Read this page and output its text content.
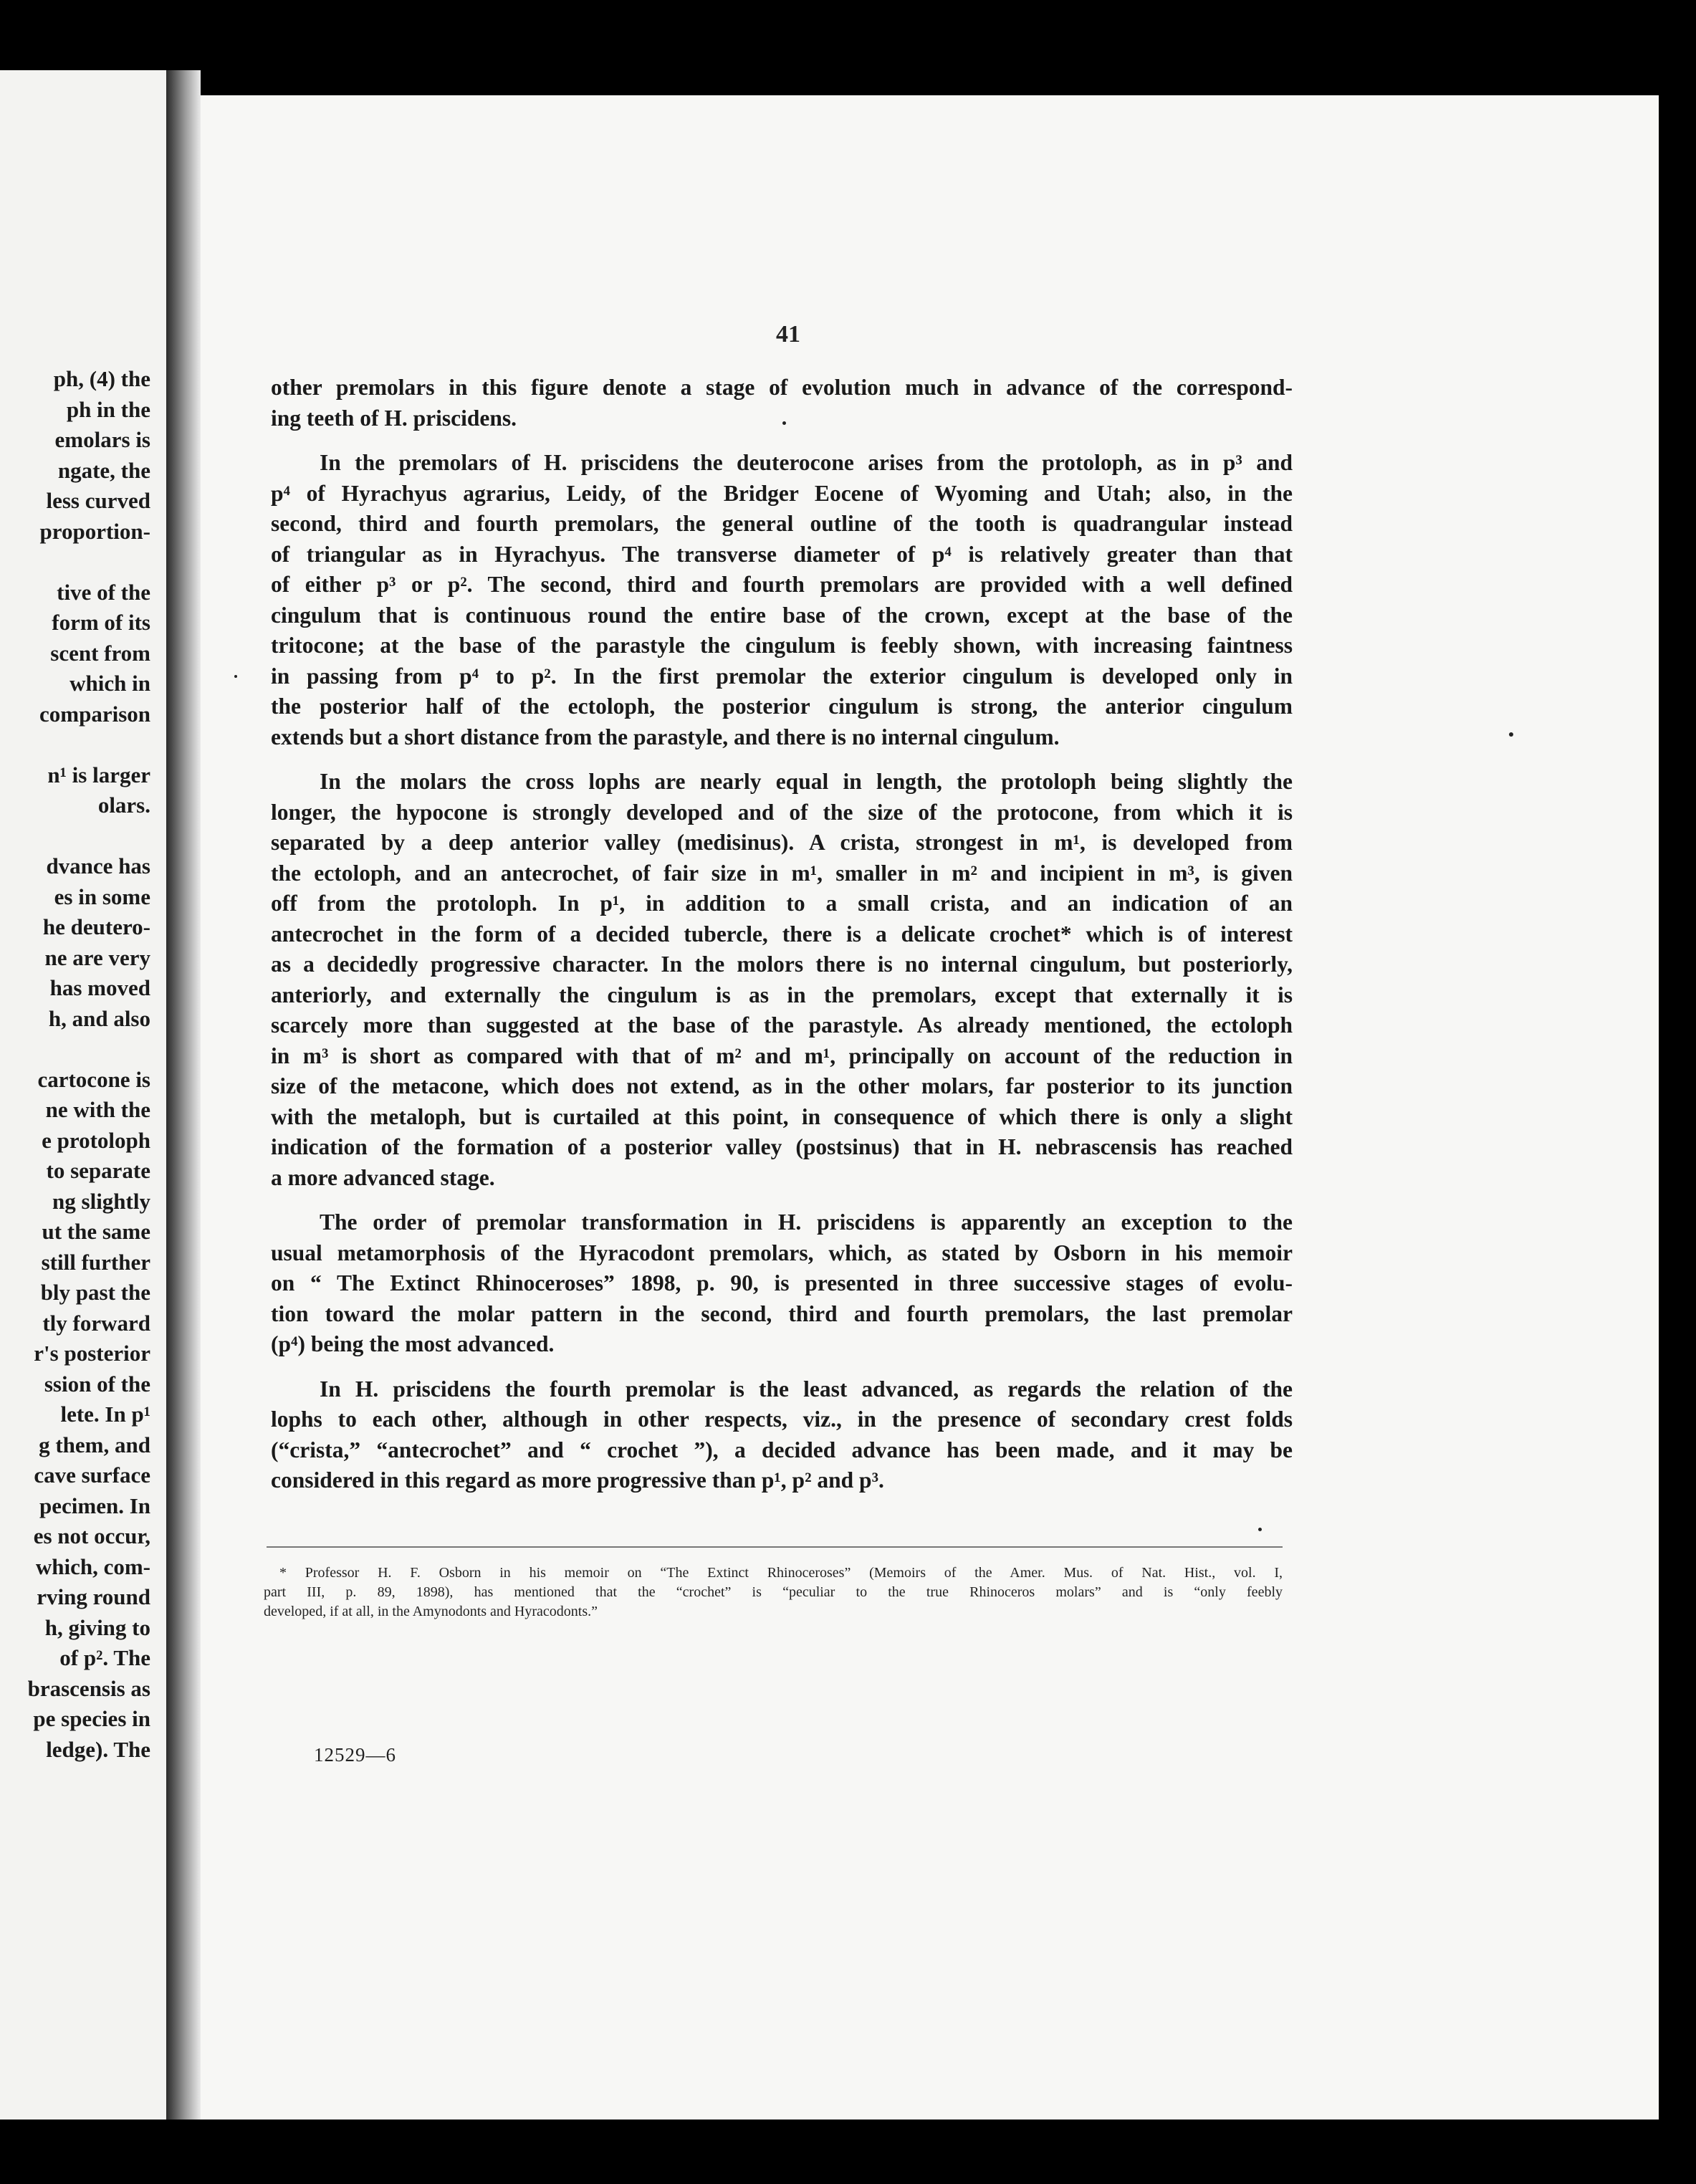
ph, (4) the
ph in the
emolars is
ngate, the
less curved
proportion-
tive of the
form of its
scent from
which in
comparison
n¹ is larger
olars.
dvance has
es in some
he deutero-
ne are very
has moved
h, and also
cartocone is
ne with the
e protoloph
to separate
ng slightly
ut the same
still further
bly past the
tly forward
r's posterior
ssion of the
lete. In p¹
g them, and
cave surface
pecimen. In
es not occur,
which, com-
rving round
h, giving to
of p². The
brascensis as
pe species in
ledge). The
41
other premolars in this figure denote a stage of evolution much in advance of the correspond-
ing teeth of H. priscidens.
In the premolars of H. priscidens the deuterocone arises from the protoloph, as in p³ and
p⁴ of Hyrachyus agrarius, Leidy, of the Bridger Eocene of Wyoming and Utah; also, in the
second, third and fourth premolars, the general outline of the tooth is quadrangular instead
of triangular as in Hyrachyus. The transverse diameter of p⁴ is relatively greater than that
of either p³ or p². The second, third and fourth premolars are provided with a well defined
cingulum that is continuous round the entire base of the crown, except at the base of the
tritocone; at the base of the parastyle the cingulum is feebly shown, with increasing faintness
in passing from p⁴ to p². In the first premolar the exterior cingulum is developed only in
the posterior half of the ectoloph, the posterior cingulum is strong, the anterior cingulum
extends but a short distance from the parastyle, and there is no internal cingulum.
In the molars the cross lophs are nearly equal in length, the protoloph being slightly the
longer, the hypocone is strongly developed and of the size of the protocone, from which it is
separated by a deep anterior valley (medisinus). A crista, strongest in m¹, is developed from
the ectoloph, and an antecrochet, of fair size in m¹, smaller in m² and incipient in m³, is given
off from the protoloph. In p¹, in addition to a small crista, and an indication of an
antecrochet in the form of a decided tubercle, there is a delicate crochet* which is of interest
as a decidedly progressive character. In the molors there is no internal cingulum, but posteriorly,
anteriorly, and externally the cingulum is as in the premolars, except that externally it is
scarcely more than suggested at the base of the parastyle. As already mentioned, the ectoloph
in m³ is short as compared with that of m² and m¹, principally on account of the reduction in
size of the metacone, which does not extend, as in the other molars, far posterior to its junction
with the metaloph, but is curtailed at this point, in consequence of which there is only a slight
indication of the formation of a posterior valley (postsinus) that in H. nebrascensis has reached
a more advanced stage.
The order of premolar transformation in H. priscidens is apparently an exception to the
usual metamorphosis of the Hyracodont premolars, which, as stated by Osborn in his memoir
on “ The Extinct Rhinoceroses” 1898, p. 90, is presented in three successive stages of evolu-
tion toward the molar pattern in the second, third and fourth premolars, the last premolar
(p⁴) being the most advanced.
In H. priscidens the fourth premolar is the least advanced, as regards the relation of the
lophs to each other, although in other respects, viz., in the presence of secondary crest folds
(“crista,” “antecrochet” and “ crochet ”), a decided advance has been made, and it may be
considered in this regard as more progressive than p¹, p² and p³.
* Professor H. F. Osborn in his memoir on “The Extinct Rhinoceroses” (Memoirs of the Amer. Mus. of Nat. Hist., vol. I,
part III, p. 89, 1898), has mentioned that the “crochet” is “peculiar to the true Rhinoceros molars” and is “only feebly
developed, if at all, in the Amynodonts and Hyracodonts.”
12529—6
